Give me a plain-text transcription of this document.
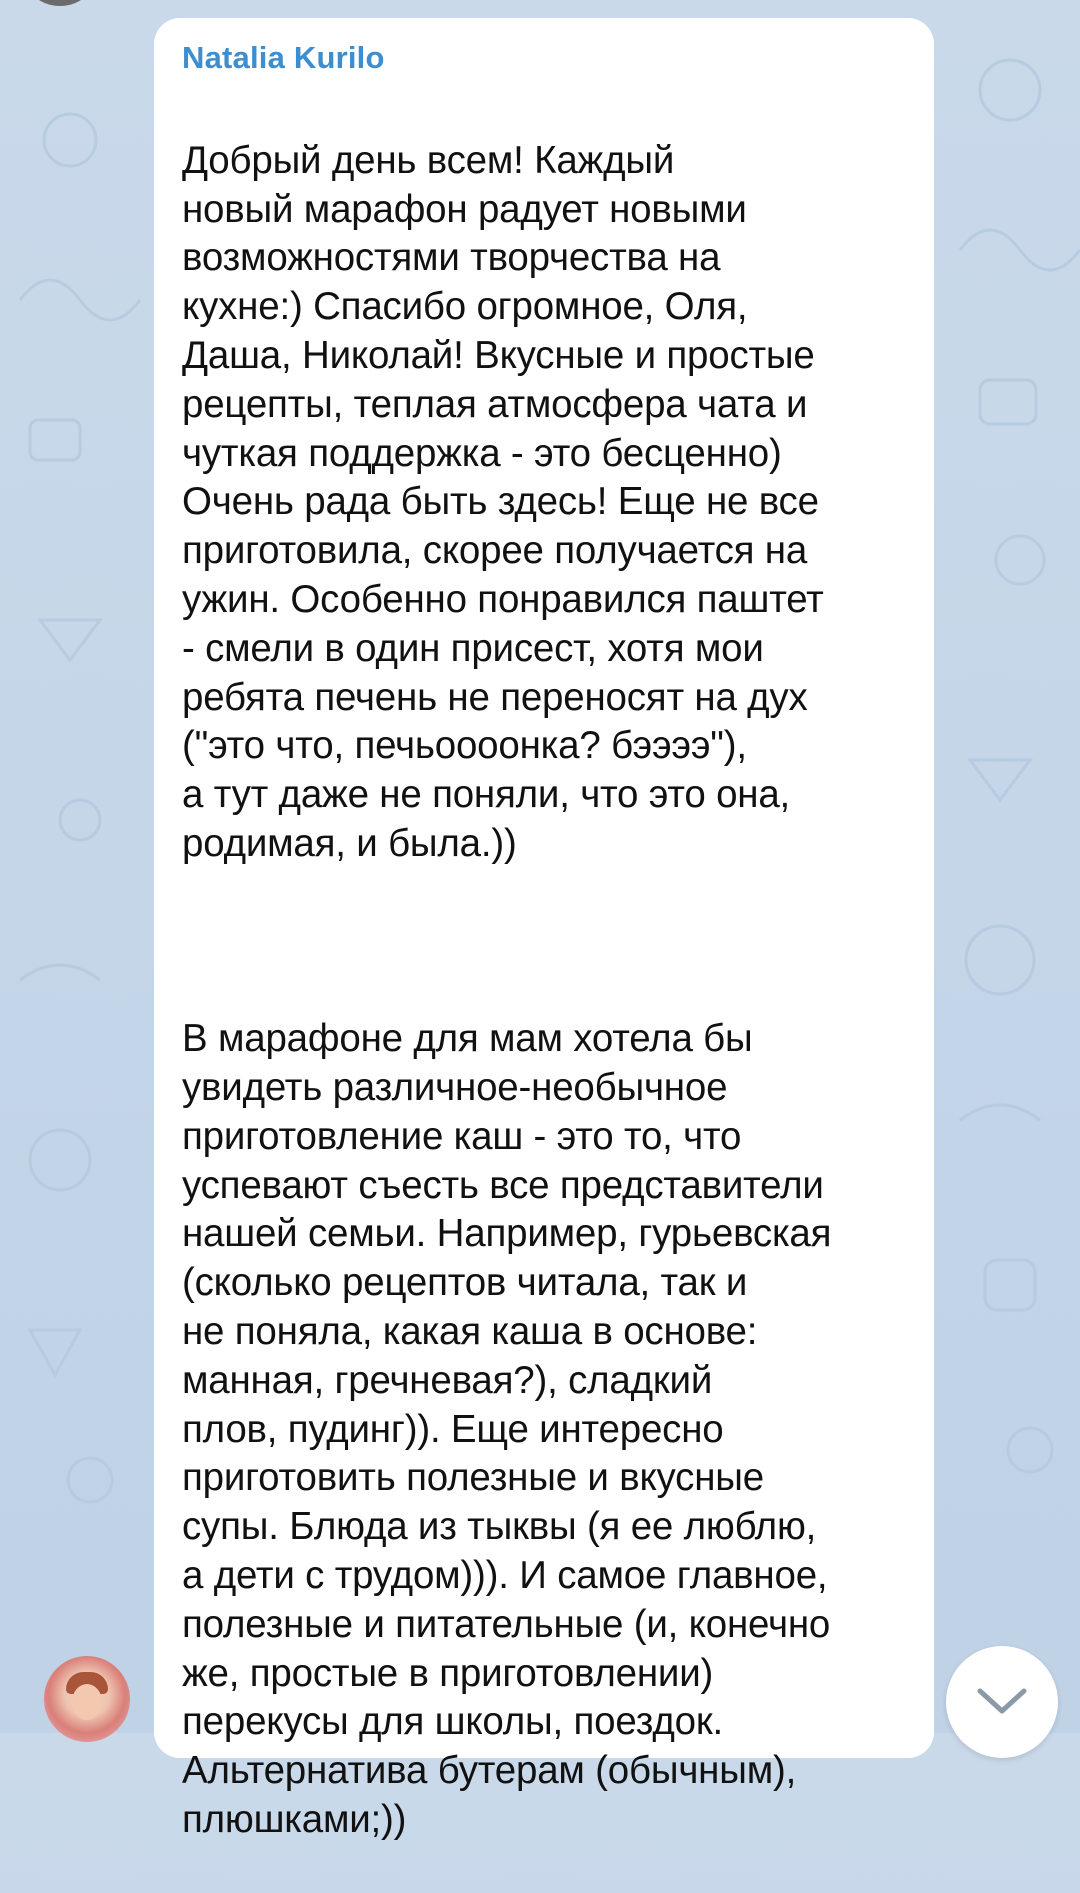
Natalia Kurilo

Добрый день всем! Каждый
новый марафон радует новыми
возможностями творчества на
кухне:) Спасибо огромное, Оля,
Даша, Николай! Вкусные и простые
рецепты, теплая атмосфера чата и
чуткая поддержка - это бесценно)
Очень рада быть здесь! Еще не все
приготовила, скорее получается на
ужин. Особенно понравился паштет
- смели в один присест, хотя мои
ребята печень не переносят на дух
("это что, печьоооонка? бээээ"),
а тут даже не поняли, что это она,
родимая, и была.))

В марафоне для мам хотела бы
увидеть различное-необычное
приготовление каш - это то, что
успевают съесть все представители
нашей семьи. Например, гурьевская
(сколько рецептов читала, так и
не поняла, какая каша в основе:
манная, гречневая?), сладкий
плов, пудинг)). Еще интересно
приготовить полезные и вкусные
супы. Блюда из тыквы (я ее люблю,
а дети с трудом))). И самое главное,
полезные и питательные (и, конечно
же, простые в приготовлении)
перекусы для школы, поездок.
Альтернатива бутерам (обычным),
плюшками;))
